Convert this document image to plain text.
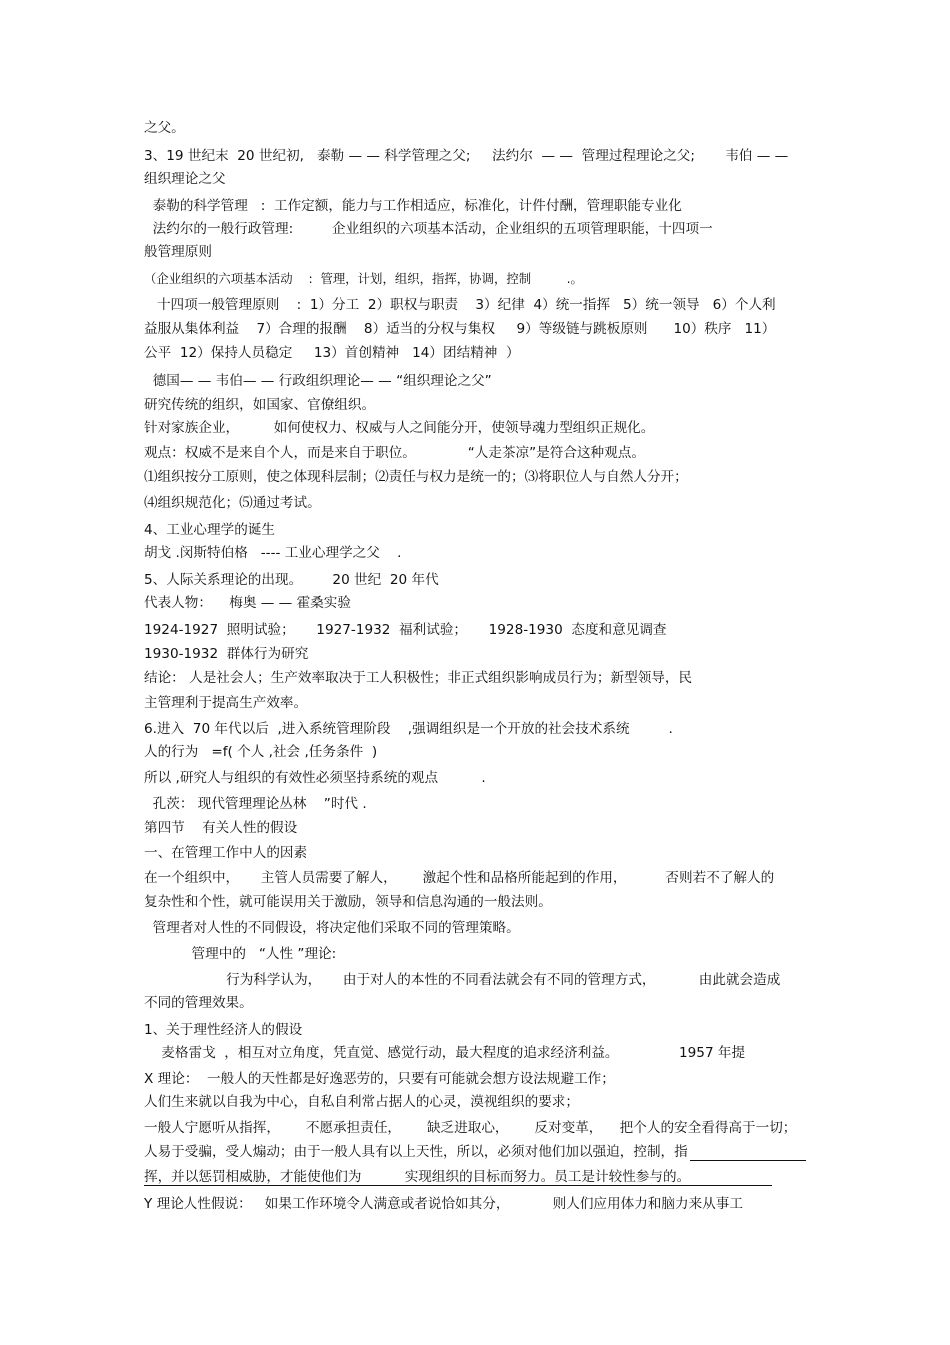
之父。
3、19 世纪末  20 世纪初,   泰勒 — — 科学管理之父;     法约尔  — —  管理过程理论之父;       韦伯 — —
组织理论之父
泰勒的科学管理   :  工作定额，能力与工作相适应，标准化，计件付酬，管理职能专业化
法约尔的一般行政管理:         企业组织的六项基本活动，企业组织的五项管理职能，十四项一
般管理原则
（企业组织的六项基本活动    :  管理，计划，组织，指挥，协调，控制         .。
十四项一般管理原则    :  1）分工  2）职权与职责    3）纪律  4）统一指挥   5）统一领导   6）个人利
益服从集体利益    7）合理的报酬    8）适当的分权与集权     9）等级链与跳板原则      10）秩序   11）
公平  12）保持人员稳定     13）首创精神   14）团结精神  ）
德国— — 韦伯— — 行政组织理论— — “组织理论之父”
研究传统的组织，如国家、官僚组织。
针对家族企业，        如何使权力、权威与人之间能分开，使领导魂力型组织正规化。
观点：权威不是来自个人，而是来自于职位。            “人走茶凉”是符合这种观点。
⑴组织按分工原则，使之体现科层制；⑵责任与权力是统一的；⑶将职位人与自然人分开；
⑷组织规范化；⑸通过考试。
4、工业心理学的诞生
胡戈 .闵斯特伯格   ---- 工业心理学之父    .
5、人际关系理论的出现。       20 世纪  20 年代
代表人物：    梅奥 — — 霍桑实验
1924-1927  照明试验；     1927-1932  福利试验；     1928-1930  态度和意见调查
1930-1932  群体行为研究
结论： 人是社会人；生产效率取决于工人积极性；非正式组织影响成员行为；新型领导，民
主管理利于提高生产效率。
6.进入  70 年代以后  ,进入系统管理阶段    ,强调组织是一个开放的社会技术系统         .
人的行为   =f( 个人 ,社会 ,任务条件  )
所以 ,研究人与组织的有效性必须坚持系统的观点          .
孔茨： 现代管理理论丛林    ”时代 .
第四节    有关人性的假设
一、在管理工作中人的因素
在一个组织中，     主管人员需要了解人，      激起个性和品格所能起到的作用，         否则若不了解人的
复杂性和个性，就可能误用关于激励，领导和信息沟通的一般法则。
管理者对人性的不同假设，将决定他们采取不同的管理策略。
管理中的   “人性 ”理论:
行为科学认为，     由于对人的本性的不同看法就会有不同的管理方式，          由此就会造成
不同的管理效果。
1、关于理性经济人的假设
麦格雷戈  ，相互对立角度，凭直觉、感觉行动，最大程度的追求经济利益。              1957 年提
X 理论：  一般人的天性都是好逸恶劳的，只要有可能就会想方设法规避工作；
人们生来就以自我为中心，自私自利常占据人的心灵，漠视组织的要求；
一般人宁愿听从指挥，      不愿承担责任，      缺乏进取心，      反对变革，    把个人的安全看得高于一切；
人易于受骗，受人煽动；由于一般人具有以上天性，所以，必须对他们加以强迫，控制，指
挥，并以惩罚相威胁，才能使他们为          实现组织的目标而努力。员工是计较性参与的。
Y 理论人性假说：   如果工作环境令人满意或者说恰如其分，          则人们应用体力和脑力来从事工
